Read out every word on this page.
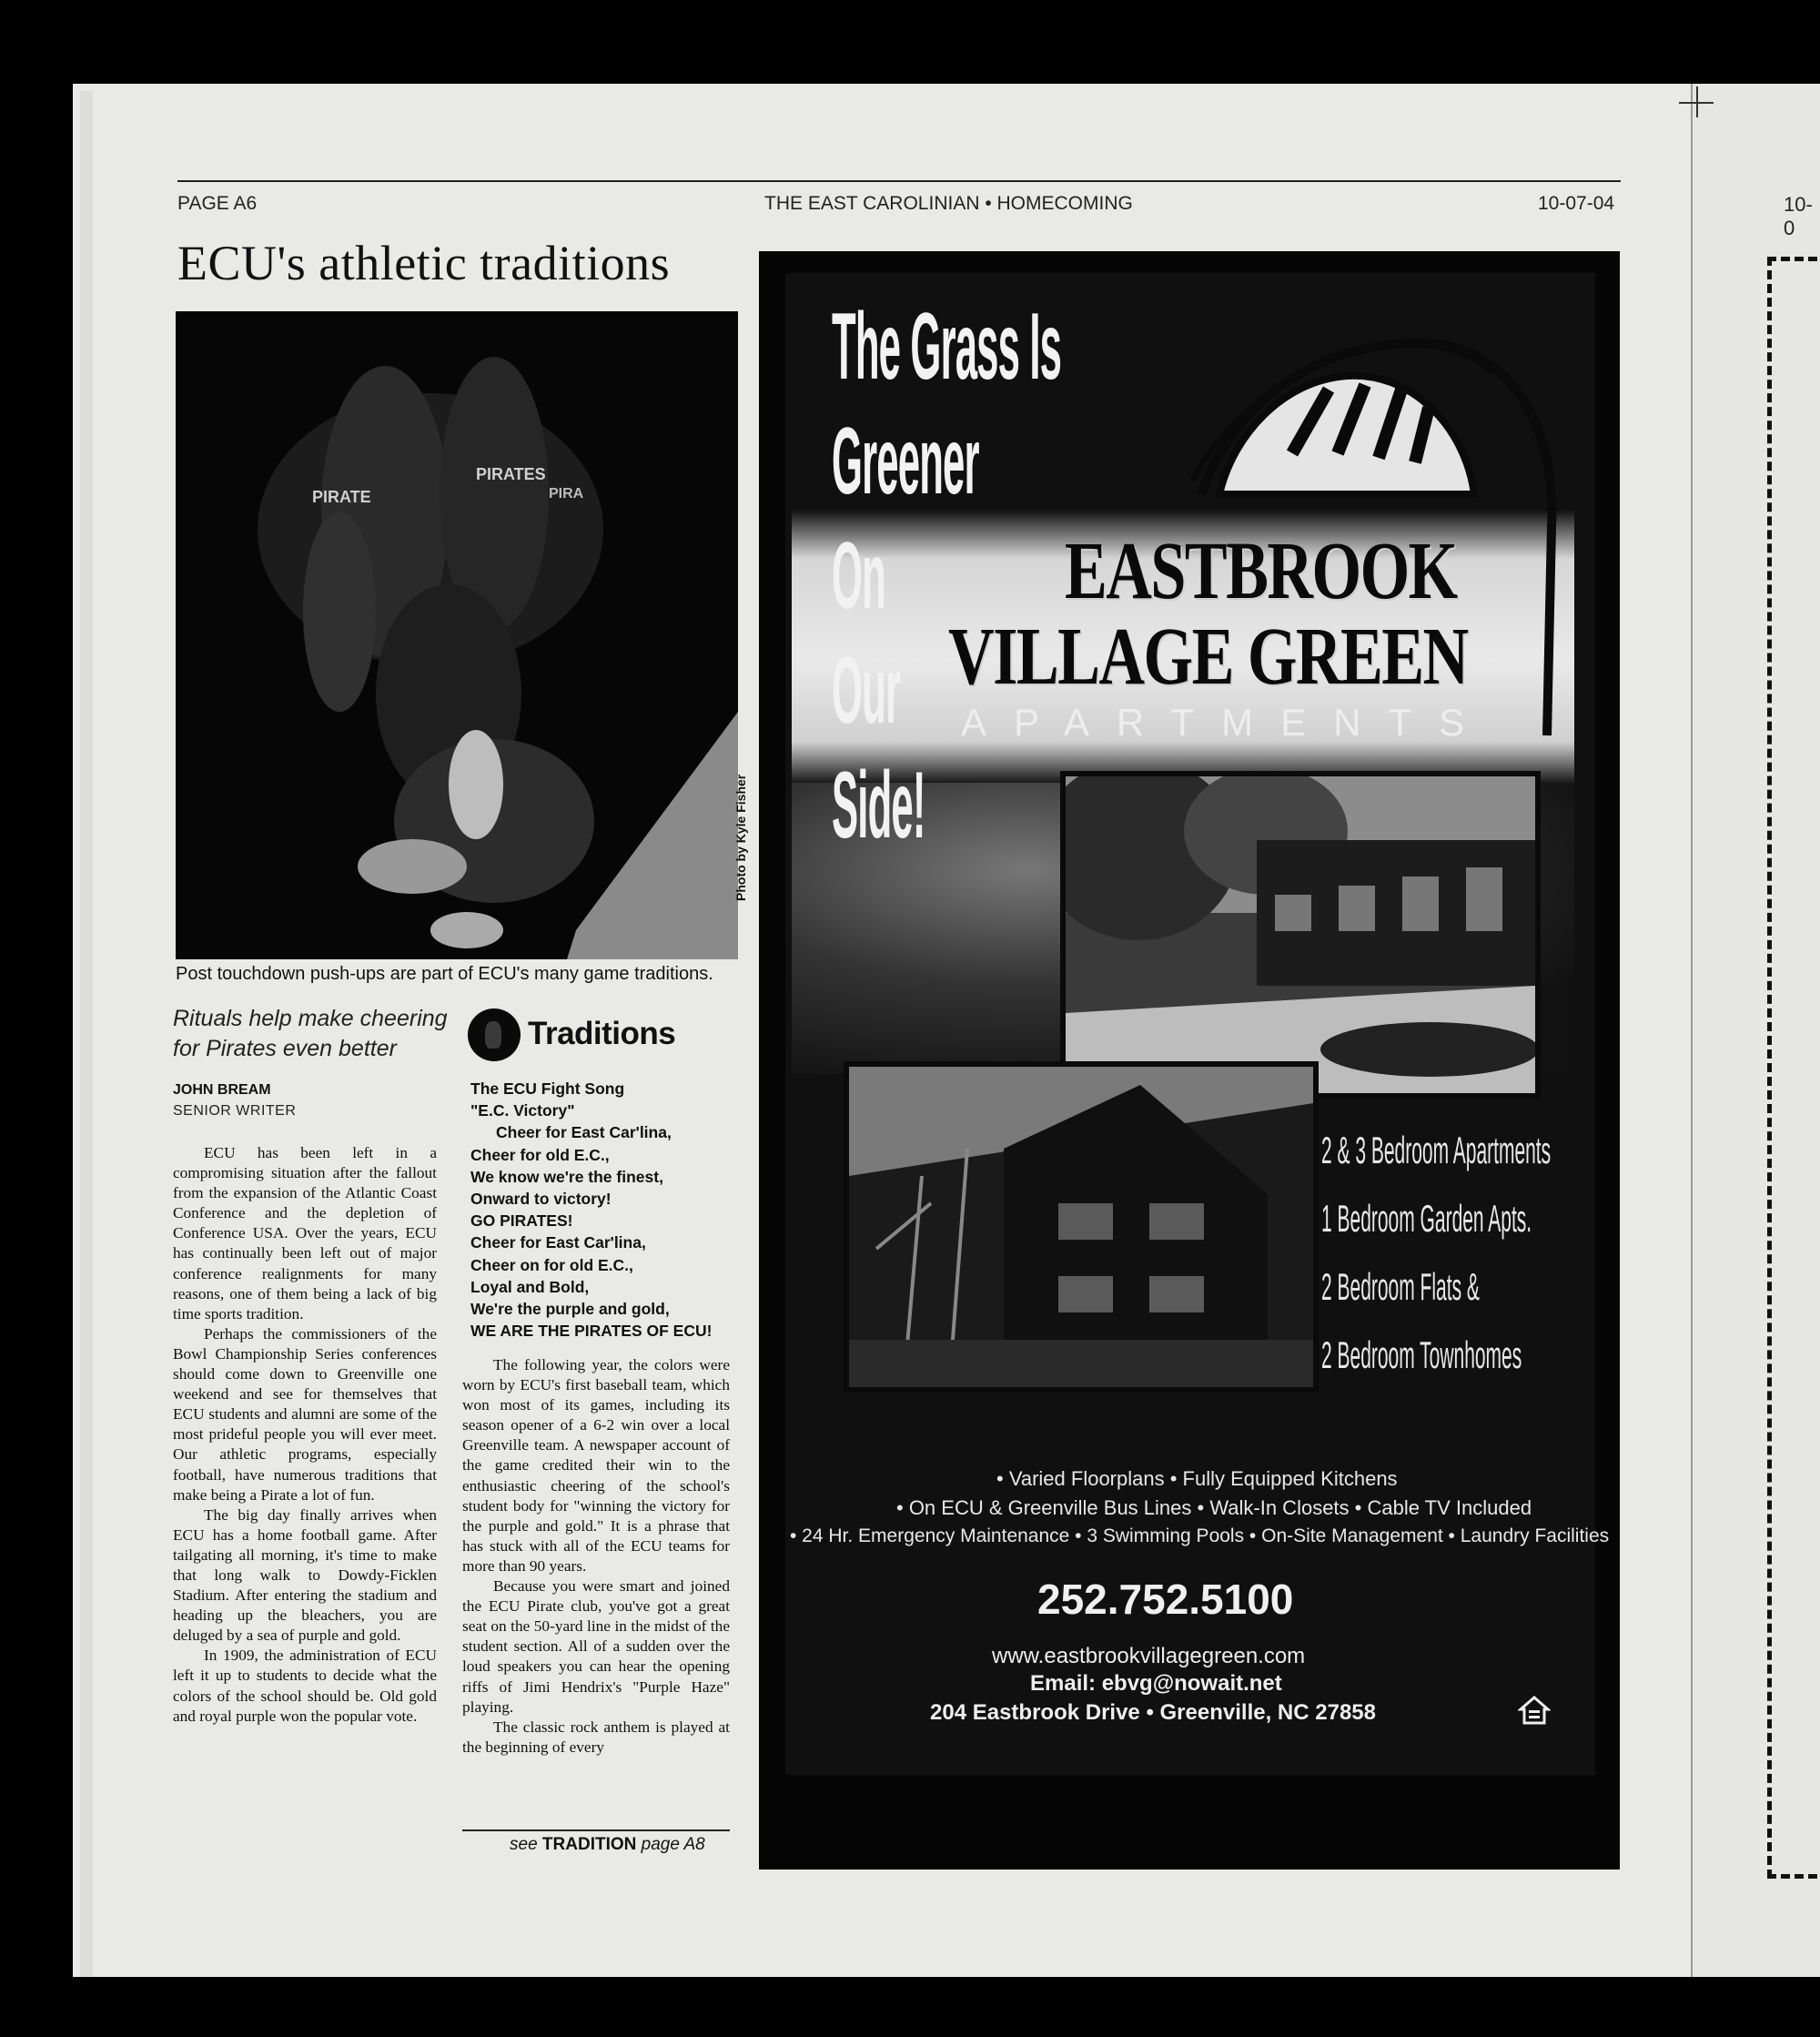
10-0
PAGE A6	THE EAST CAROLINIAN • HOMECOMING	10-07-04
ECU's athletic traditions
PIRATE
PIRATES
PIRA
Photo by Kyle Fisher
Post touchdown push-ups are part of ECU's many game traditions.
Rituals help make cheering
for Pirates even better
JOHN BREAM
SENIOR WRITER

ECU has been left in a compromising situation after the fallout from the expansion of the Atlantic Coast Conference and the depletion of Conference USA. Over the years, ECU has continually been left out of major conference realignments for many reasons, one of them being a lack of big time sports tradition.

Perhaps the commissioners of the Bowl Championship Series conferences should come down to Greenville one weekend and see for themselves that ECU students and alumni are some of the most prideful people you will ever meet. Our athletic programs, especially football, have numerous traditions that make being a Pirate a lot of fun.

The big day finally arrives when ECU has a home football game. After tailgating all morning, it's time to make that long walk to Dowdy-Ficklen Stadium. After entering the stadium and heading up the bleachers, you are deluged by a sea of purple and gold.

In 1909, the administration of ECU left it up to students to decide what the colors of the school should be. Old gold and royal purple won the popular vote.

Traditions
The ECU Fight Song
"E.C. Victory"
Cheer for East Car'lina,
Cheer for old E.C.,
We know we're the finest,
Onward to victory!
GO PIRATES!
Cheer for East Car'lina,
Cheer on for old E.C.,
Loyal and Bold,
We're the purple and gold,
WE ARE THE PIRATES OF ECU!

The following year, the colors were worn by ECU's first baseball team, which won most of its games, including its season opener of a 6-2 win over a local Greenville team. A newspaper account of the game credited their win to the enthusiastic cheering of the school's student body for "winning the victory for the purple and gold." It is a phrase that has stuck with all of the ECU teams for more than 90 years.

Because you were smart and joined the ECU Pirate club, you've got a great seat on the 50-yard line in the midst of the student section. All of a sudden over the loud speakers you can hear the opening riffs of Jimi Hendrix's "Purple Haze" playing.

The classic rock anthem is played at the beginning of every

see TRADITION page A8
The Grass Is
Greener
On
Our
Side!
EASTBROOK
VILLAGE GREEN
APARTMENTS
2 & 3 Bedroom Apartments
1 Bedroom Garden Apts.
2 Bedroom Flats &
2 Bedroom Townhomes
• Varied Floorplans • Fully Equipped Kitchens
• On ECU & Greenville Bus Lines • Walk-In Closets • Cable TV Included
• 24 Hr. Emergency Maintenance • 3 Swimming Pools • On-Site Management • Laundry Facilities
252.752.5100
www.eastbrookvillagegreen.com
Email: ebvg@nowait.net
204 Eastbrook Drive • Greenville, NC 27858
